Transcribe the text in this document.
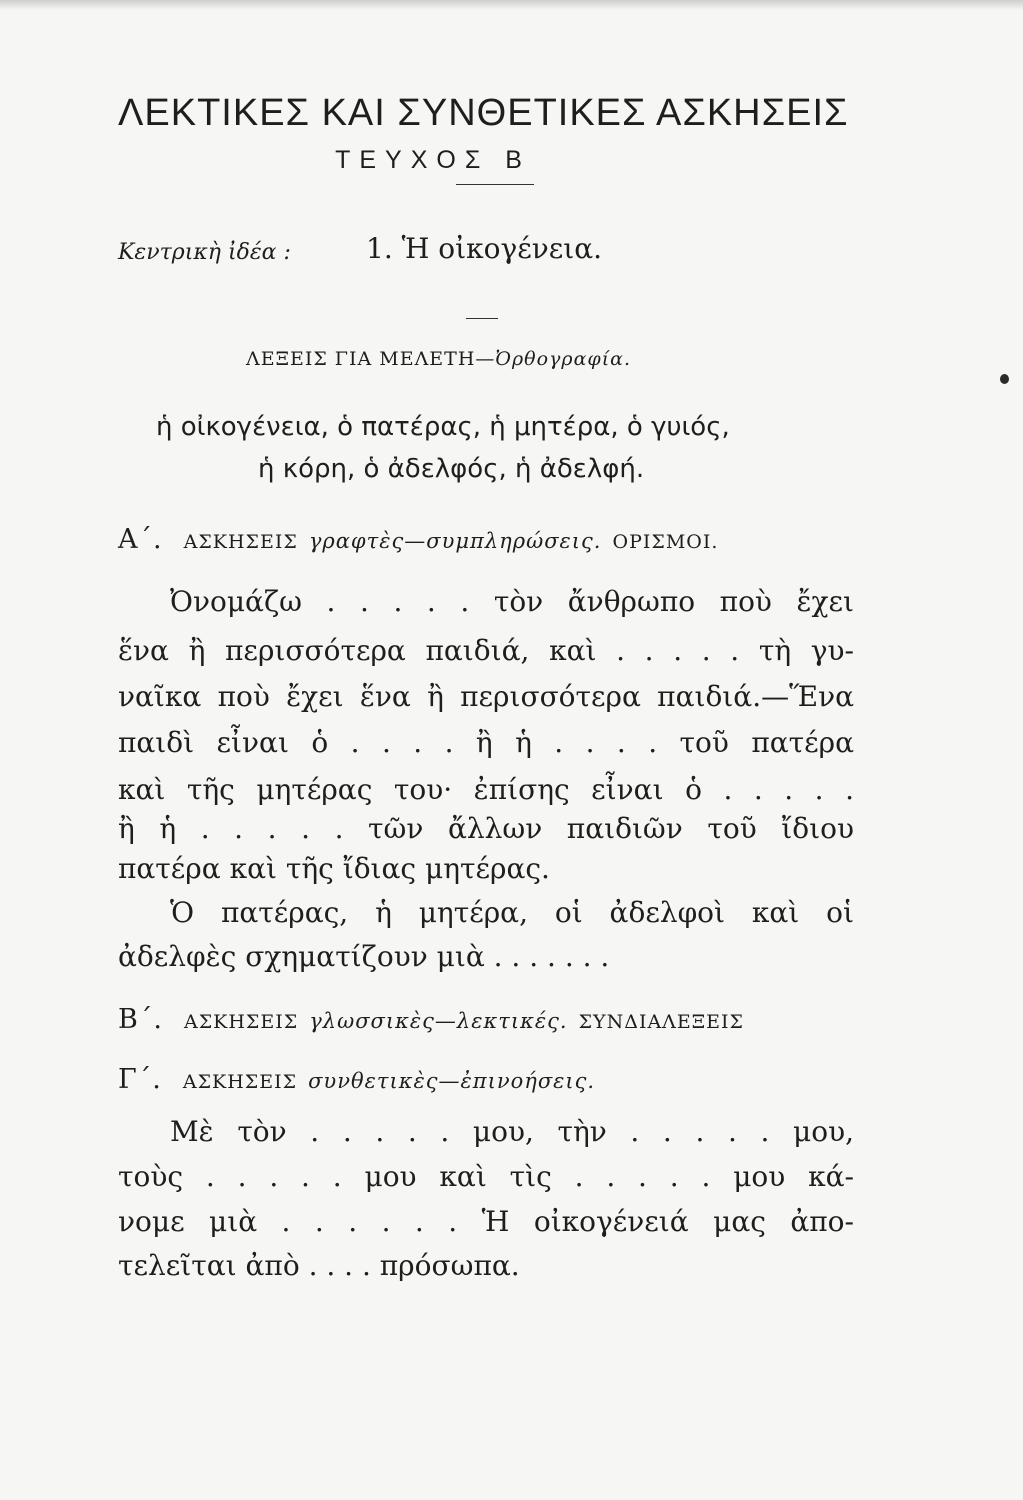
ΛΕΚΤΙΚΕΣ ΚΑΙ ΣΥΝΘΕΤΙΚΕΣ ΑΣΚΗΣΕΙΣ
ΤΕΥΧΟΣ Β
Κεντρικὴ ἰδέα :	1. Ἡ οἰκογένεια.
ΛΕΞΕΙΣ ΓΙΑ ΜΕΛΕΤΗ—Ὀρθογραφία.
ἡ οἰκογένεια, ὁ πατέρας, ἡ μητέρα, ὁ γυιός,
ἡ κόρη, ὁ ἀδελφός, ἡ ἀδελφή.
Α΄. ΑΣΚΗΣΕΙΣ γραφτὲς—συμπληρώσεις. ΟΡΙΣΜΟΙ.
Ὀνομάζω . . . . . τὸν ἄνθρωπο ποὺ ἔχει
ἕνα ἢ περισσότερα παιδιά, καὶ . . . . . τὴ γυ-
ναῖκα ποὺ ἔχει ἕνα ἢ περισσότερα παιδιά.—Ἕνα
παιδὶ εἶναι ὁ . . . . ἢ ἡ . . . . τοῦ πατέρα
καὶ τῆς μητέρας του· ἐπίσης εἶναι ὁ . . . . .
ἢ ἡ . . . . . τῶν ἄλλων παιδιῶν τοῦ ἴδιου
πατέρα καὶ τῆς ἴδιας μητέρας.
Ὁ πατέρας, ἡ μητέρα, οἱ ἀδελφοὶ καὶ οἱ
ἀδελφὲς σχηματίζουν μιὰ . . . . . . .
Β΄. ΑΣΚΗΣΕΙΣ γλωσσικὲς—λεκτικές. ΣΥΝΔΙΑΛΕΞΕΙΣ
Γ΄. ΑΣΚΗΣΕΙΣ συνθετικὲς—ἐπινοήσεις.
Μὲ τὸν . . . . . μου, τὴν . . . . . μου,
τοὺς . . . . . μου καὶ τὶς . . . . . μου κά-
νομε μιὰ . . . . . . Ἡ οἰκογένειά μας ἀπο-
τελεῖται ἀπὸ . . . . πρόσωπα.
